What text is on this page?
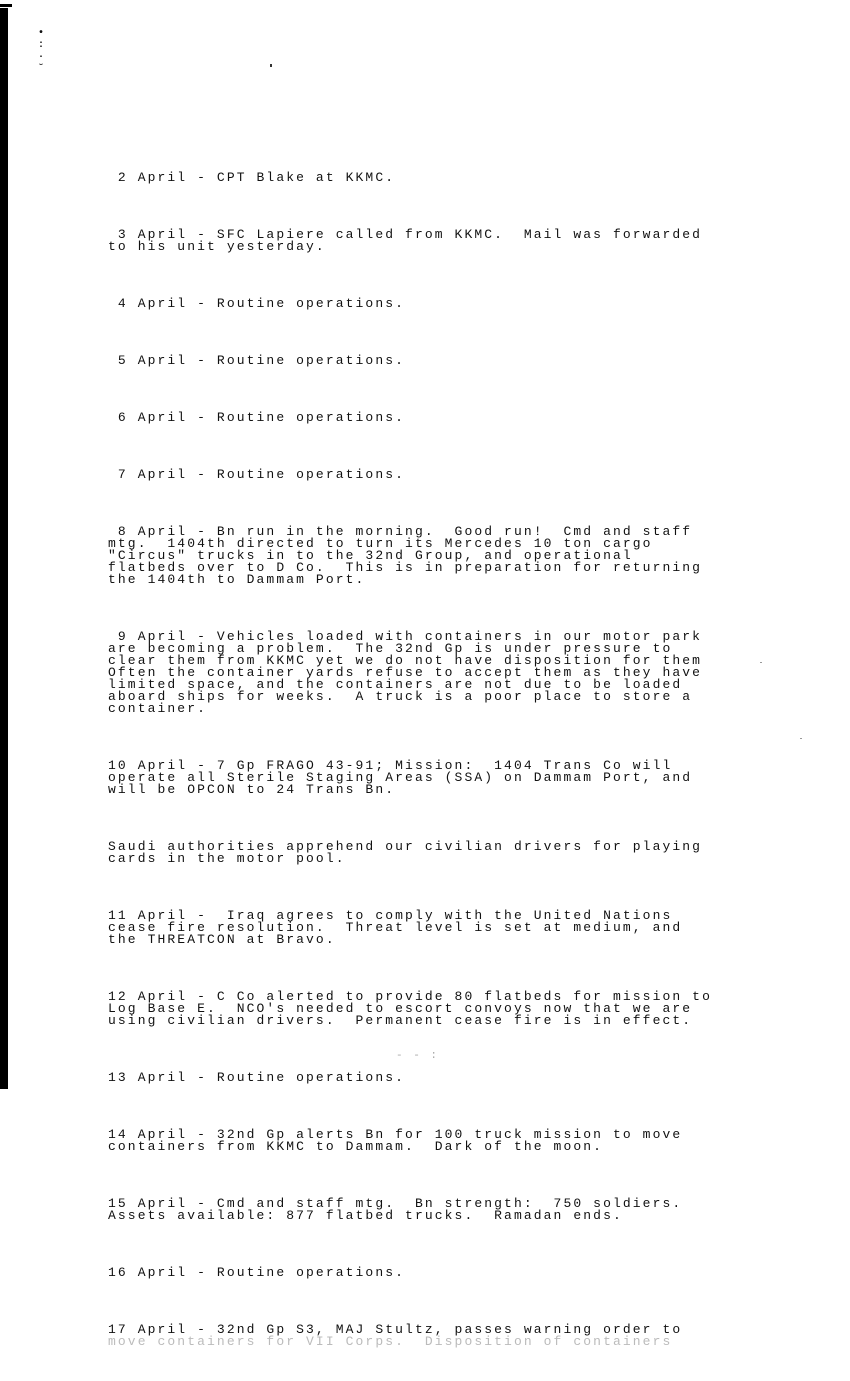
•
:
·
˘

2 April - CPT Blake at KKMC.

3 April - SFC Lapiere called from KKMC.  Mail was forwarded
to his unit yesterday.

4 April - Routine operations.

5 April - Routine operations.

6 April - Routine operations.

7 April - Routine operations.

8 April - Bn run in the morning.  Good run!  Cmd and staff
mtg.  1404th directed to turn its Mercedes 10 ton cargo
"Circus" trucks in to the 32nd Group, and operational
flatbeds over to D Co.  This is in preparation for returning
the 1404th to Dammam Port.

9 April - Vehicles loaded with containers in our motor park
are becoming a problem.  The 32nd Gp is under pressure to
clear them from KKMC yet we do not have disposition for them
Often the container yards refuse to accept them as they have
limited space, and the containers are not due to be loaded
aboard ships for weeks.  A truck is a poor place to store a
container.

10 April - 7 Gp FRAGO 43-91; Mission:  1404 Trans Co will
operate all Sterile Staging Areas (SSA) on Dammam Port, and
will be OPCON to 24 Trans Bn.

Saudi authorities apprehend our civilian drivers for playing
cards in the motor pool.

11 April -  Iraq agrees to comply with the United Nations
cease fire resolution.  Threat level is set at medium, and
the THREATCON at Bravo.

12 April - C Co alerted to provide 80 flatbeds for mission to
Log Base E.  NCO's needed to escort convoys now that we are
using civilian drivers.  Permanent cease fire is in effect.

13 April - Routine operations.

14 April - 32nd Gp alerts Bn for 100 truck mission to move
containers from KKMC to Dammam.  Dark of the moon.

15 April - Cmd and staff mtg.  Bn strength:  750 soldiers.
Assets available: 877 flatbed trucks.  Ramadan ends.

16 April - Routine operations.

17 April - 32nd Gp S3, MAJ Stultz, passes warning order to
move containers for VII Corps.  Disposition of containers

- - :
